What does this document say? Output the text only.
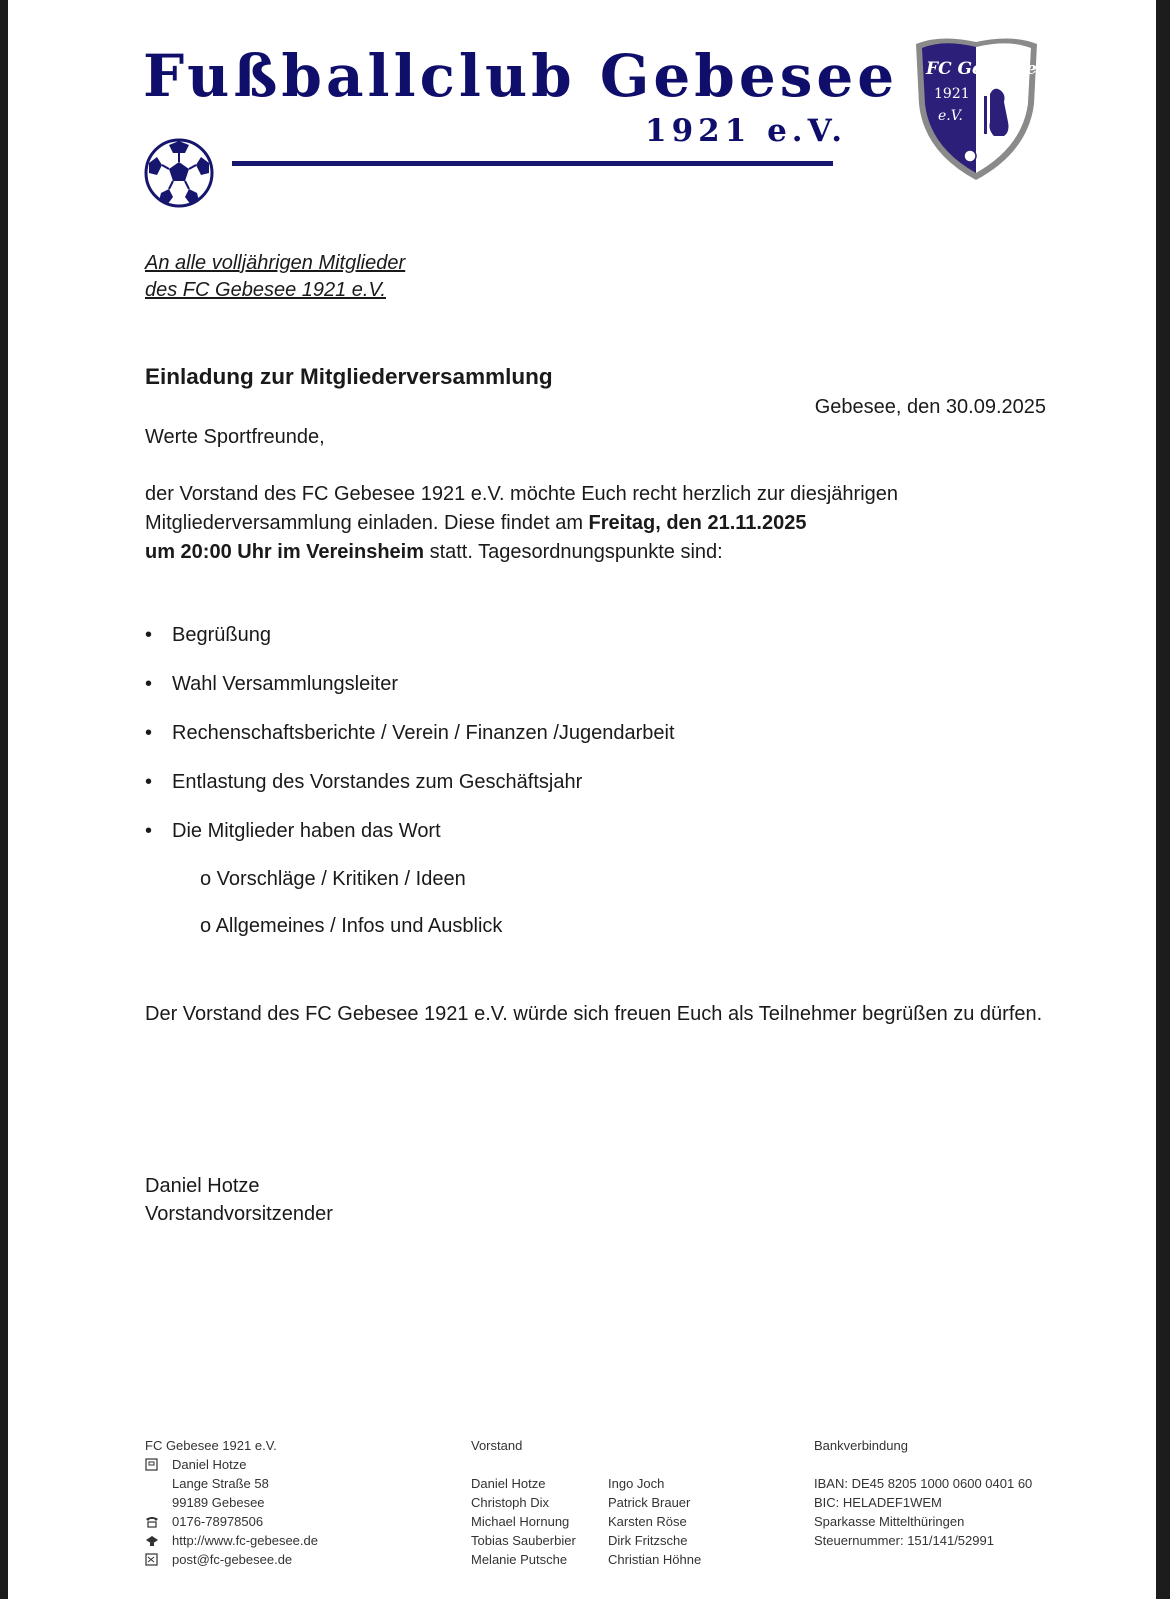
Fußballclub Gebesee
1921 e.V.
FC Gebesee
1921
e.V.
An alle volljährigen Mitglieder
des FC Gebesee 1921 e.V.
Einladung zur Mitgliederversammlung
Gebesee, den 30.09.2025
Werte Sportfreunde,
der Vorstand des FC Gebesee 1921 e.V. möchte Euch recht herzlich zur diesjährigen Mitgliederversammlung einladen. Diese findet am Freitag, den 21.11.2025
um 20:00 Uhr im Vereinsheim statt. Tagesordnungspunkte sind:
• Begrüßung
• Wahl Versammlungsleiter
• Rechenschaftsberichte / Verein / Finanzen /Jugendarbeit
• Entlastung des Vorstandes zum Geschäftsjahr
• Die Mitglieder haben das Wort
o Vorschläge / Kritiken / Ideen
o Allgemeines / Infos und Ausblick
Der Vorstand des FC Gebesee 1921 e.V. würde sich freuen Euch als Teilnehmer begrüßen zu dürfen.
Daniel Hotze
Vorstandvorsitzender
FC Gebesee 1921 e.V.
Daniel Hotze
Lange Straße 58
99189 Gebesee
0176-78978506
http://www.fc-gebesee.de
post@fc-gebesee.de
Vorstand
Daniel Hotze
Christoph Dix
Michael Hornung
Tobias Sauberbier
Melanie Putsche
Ingo Joch
Patrick Brauer
Karsten Röse
Dirk Fritzsche
Christian Höhne
Bankverbindung
IBAN: DE45 8205 1000 0600 0401 60
BIC: HELADEF1WEM
Sparkasse Mittelthüringen
Steuernummer: 151/141/52991
